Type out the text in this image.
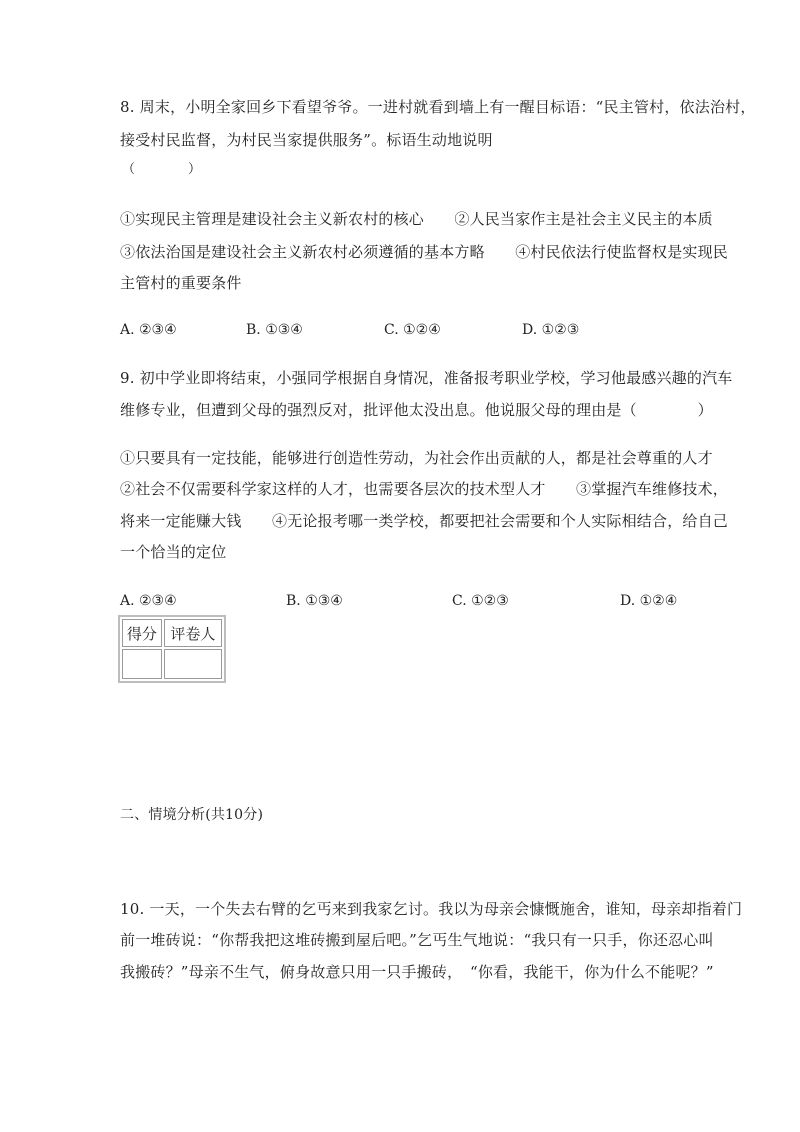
8. 周末，小明全家回乡下看望爷爷。一进村就看到墙上有一醒目标语：“民主管村，依法治村，
接受村民监督，为村民当家提供服务”。标语生动地说明
（　　　　）
①实现民主管理是建设社会主义新农村的核心　　②人民当家作主是社会主义民主的本质
③依法治国是建设社会主义新农村必须遵循的基本方略　　④村民依法行使监督权是实现民
主管村的重要条件
A. ②③④	B. ①③④	C. ①②④	D. ①②③
9. 初中学业即将结束，小强同学根据自身情况，准备报考职业学校，学习他最感兴趣的汽车
维修专业，但遭到父母的强烈反对，批评他太没出息。他说服父母的理由是（　　　　）
①只要具有一定技能，能够进行创造性劳动，为社会作出贡献的人，都是社会尊重的人才
②社会不仅需要科学家这样的人才，也需要各层次的技术型人才　　③掌握汽车维修技术，
将来一定能赚大钱　　④无论报考哪一类学校，都要把社会需要和个人实际相结合，给自己
一个恰当的定位
A. ②③④	B. ①③④	C. ①②③	D. ①②④
得分	评卷人

二、情境分析(共10分)
10. 一天，一个失去右臂的乞丐来到我家乞讨。我以为母亲会慷慨施舍，谁知，母亲却指着门
前一堆砖说：“你帮我把这堆砖搬到屋后吧。”乞丐生气地说：“我只有一只手，你还忍心叫
我搬砖？”母亲不生气，俯身故意只用一只手搬砖，　“你看，我能干，你为什么不能呢？”
